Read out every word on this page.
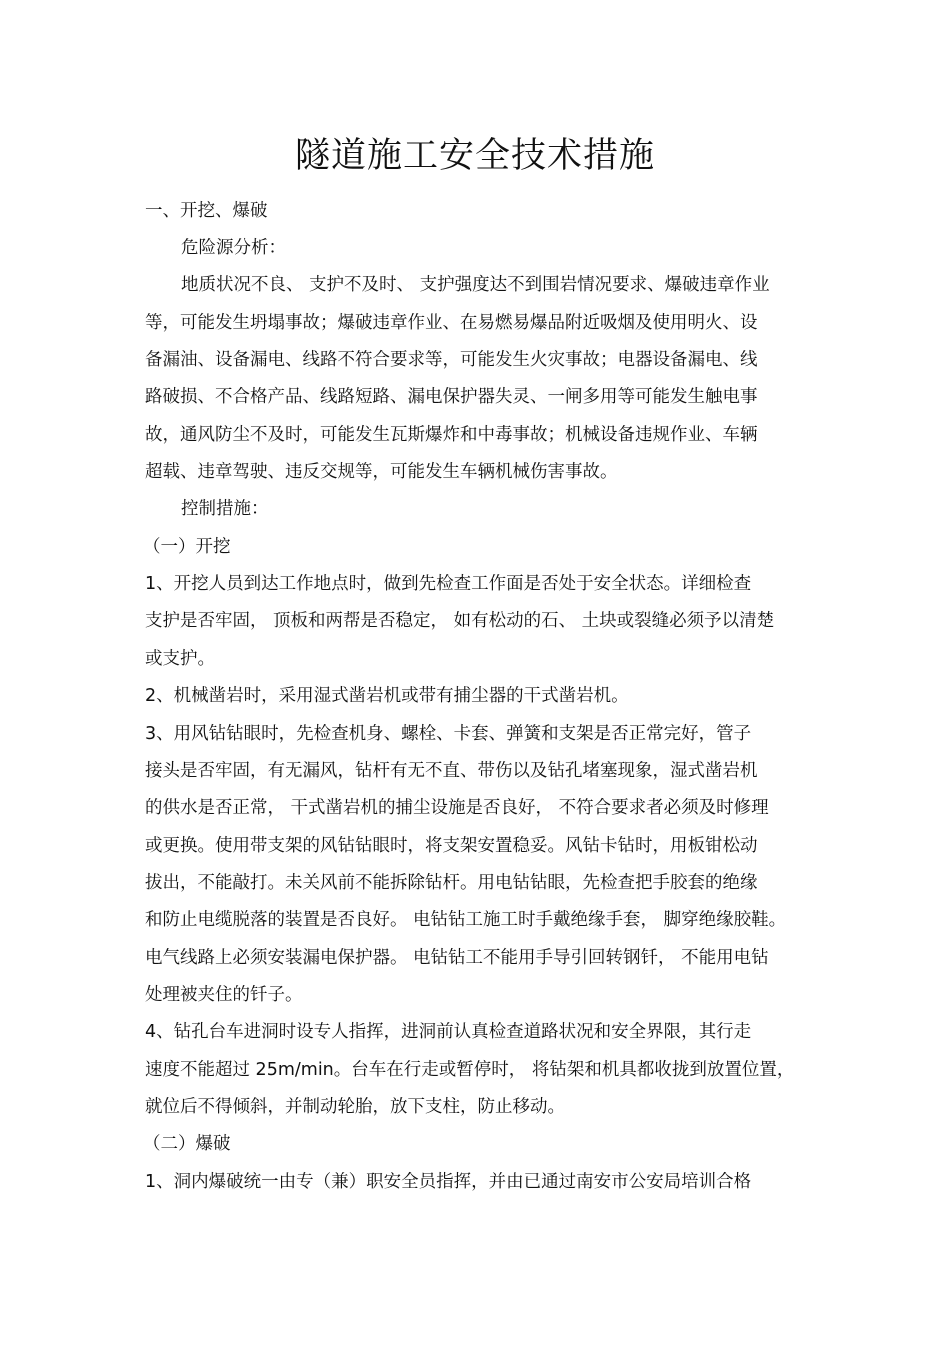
隧道施工安全技术措施
一、开挖、爆破
危险源分析：
地质状况不良、 支护不及时、 支护强度达不到围岩情况要求、爆破违章作业
等，可能发生坍塌事故；爆破违章作业、在易燃易爆品附近吸烟及使用明火、设
备漏油、设备漏电、线路不符合要求等，可能发生火灾事故；电器设备漏电、线
路破损、不合格产品、线路短路、漏电保护器失灵、一闸多用等可能发生触电事
故，通风防尘不及时，可能发生瓦斯爆炸和中毒事故；机械设备违规作业、车辆
超载、违章驾驶、违反交规等，可能发生车辆机械伤害事故。
控制措施：
（一）开挖
1、开挖人员到达工作地点时，做到先检查工作面是否处于安全状态。详细检查
支护是否牢固， 顶板和两帮是否稳定， 如有松动的石、 土块或裂缝必须予以清楚
或支护。
2、机械凿岩时，采用湿式凿岩机或带有捕尘器的干式凿岩机。
3、用风钻钻眼时，先检查机身、螺栓、卡套、弹簧和支架是否正常完好，管子
接头是否牢固，有无漏风，钻杆有无不直、带伤以及钻孔堵塞现象，湿式凿岩机
的供水是否正常， 干式凿岩机的捕尘设施是否良好， 不符合要求者必须及时修理
或更换。使用带支架的风钻钻眼时，将支架安置稳妥。风钻卡钻时，用板钳松动
拔出，不能敲打。未关风前不能拆除钻杆。用电钻钻眼，先检查把手胶套的绝缘
和防止电缆脱落的装置是否良好。 电钻钻工施工时手戴绝缘手套， 脚穿绝缘胶鞋。
电气线路上必须安装漏电保护器。 电钻钻工不能用手导引回转钢钎， 不能用电钻
处理被夹住的钎子。
4、钻孔台车进洞时设专人指挥，进洞前认真检查道路状况和安全界限，其行走
速度不能超过 25m/min。台车在行走或暂停时， 将钻架和机具都收拢到放置位置，
就位后不得倾斜，并制动轮胎，放下支柱，防止移动。
（二）爆破
1、洞内爆破统一由专（兼）职安全员指挥，并由已通过南安市公安局培训合格
